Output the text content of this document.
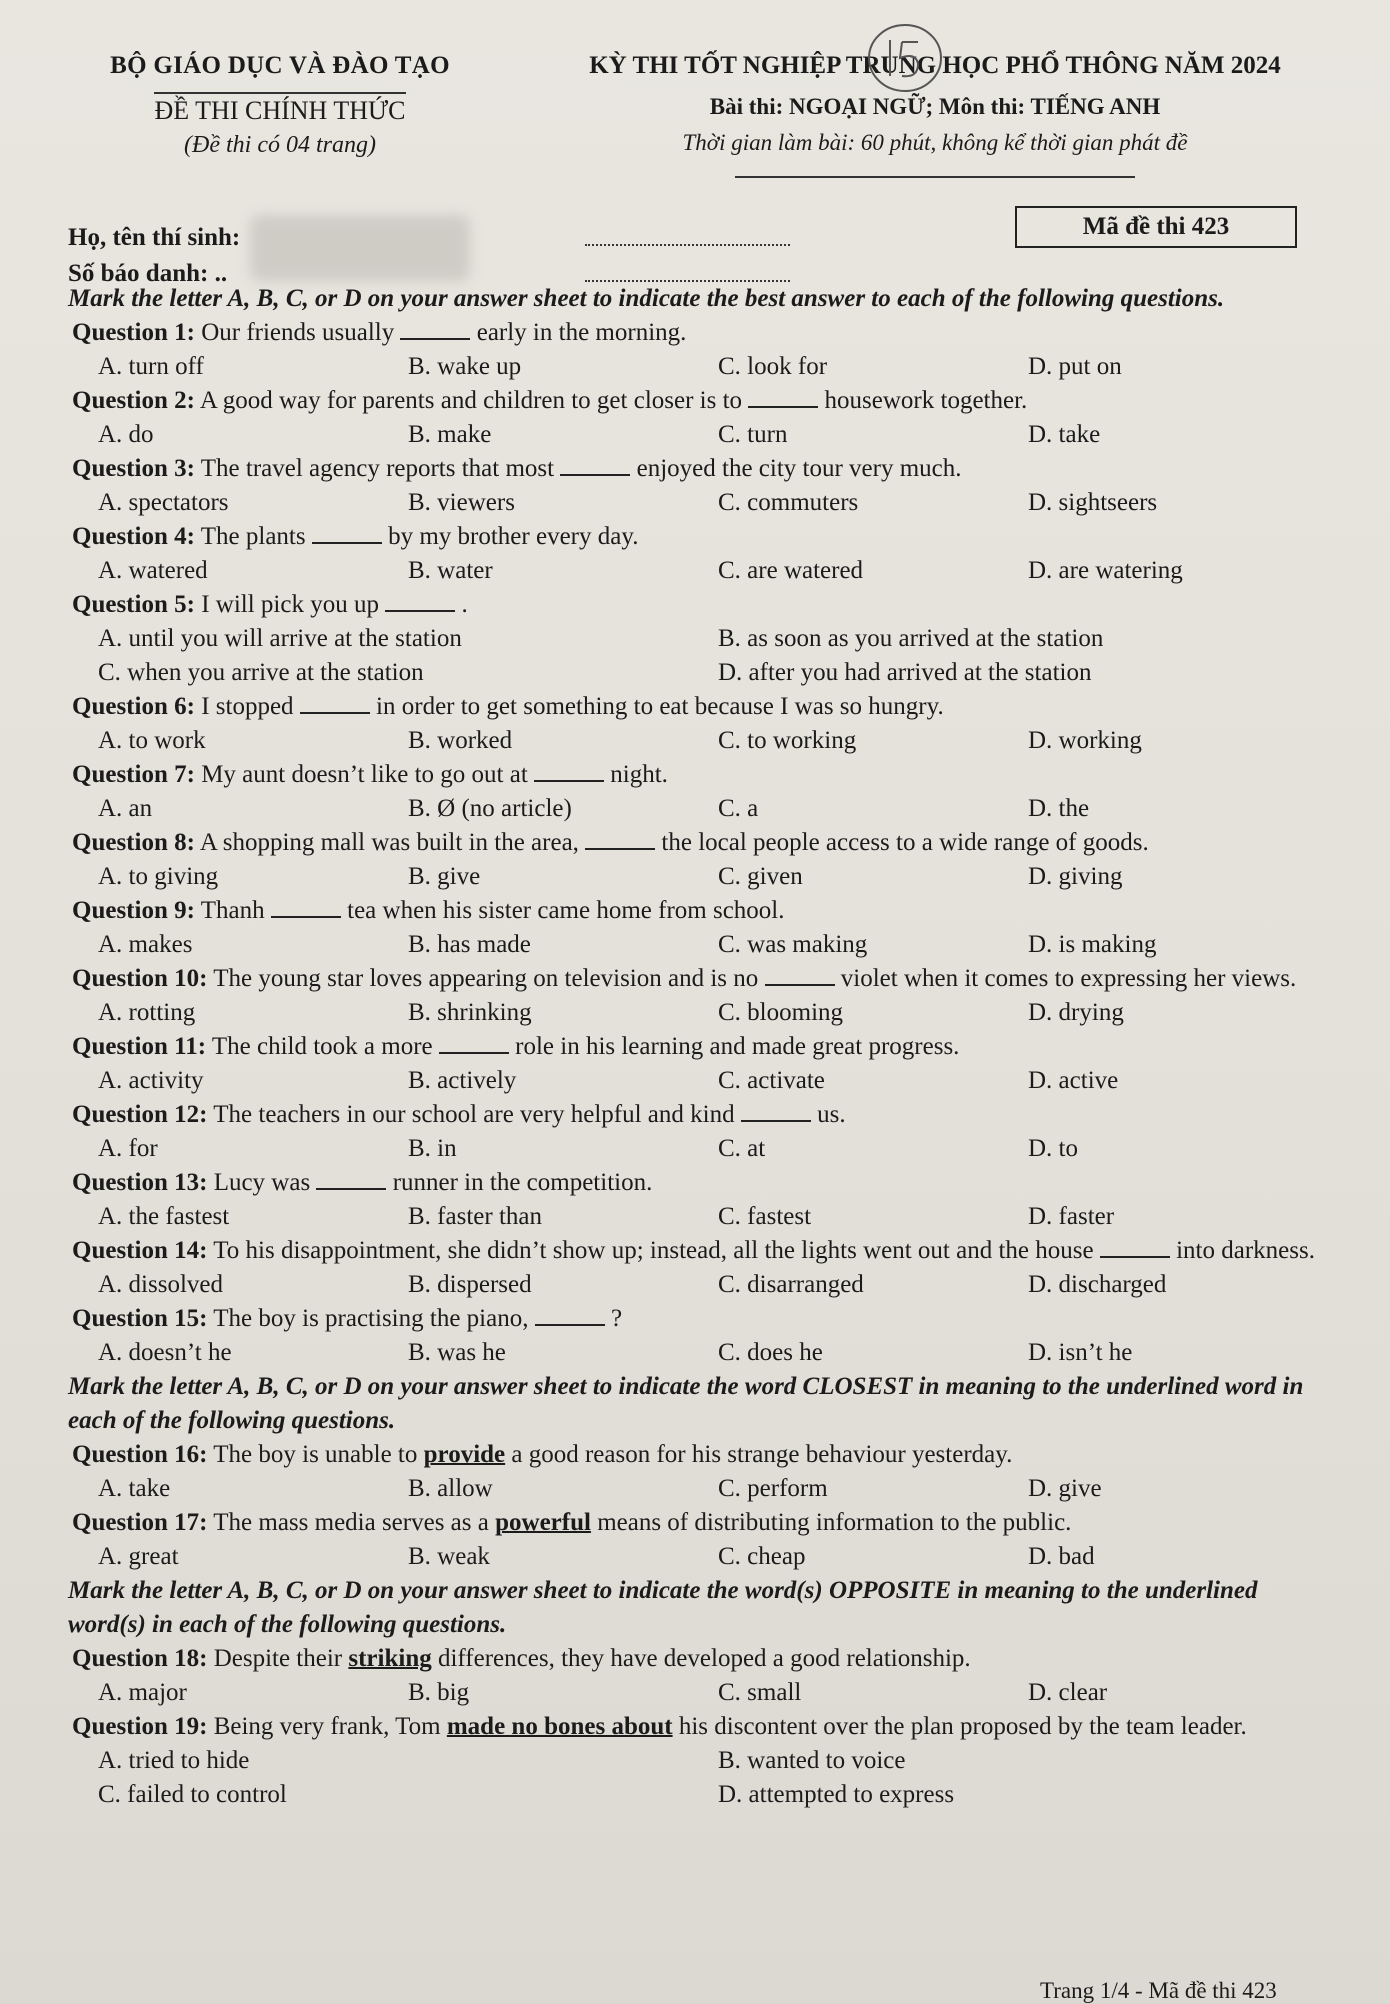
BỘ GIÁO DỤC VÀ ĐÀO TẠO
ĐỀ THI CHÍNH THỨC
(Đề thi có 04 trang)
KỲ THI TỐT NGHIỆP TRUNG HỌC PHỔ THÔNG NĂM 2024
Bài thi: NGOẠI NGỮ; Môn thi: TIẾNG ANH
Thời gian làm bài: 60 phút, không kể thời gian phát đề
Họ, tên thí sinh:
Số báo danh: ..
Mã đề thi 423

Mark the letter A, B, C, or D on your answer sheet to indicate the best answer to each of the following questions.

Question 1: Our friends usually	early in the morning.
A. turn off	B. wake up	C. look for	D. put on
Question 2: A good way for parents and children to get closer is to	housework together.
A. do	B. make	C. turn	D. take
Question 3: The travel agency reports that most	enjoyed the city tour very much.
A. spectators	B. viewers	C. commuters	D. sightseers
Question 4: The plants	by my brother every day.
A. watered	B. water	C. are watered	D. are watering
Question 5: I will pick you up	.
A. until you will arrive at the station	B. as soon as you arrived at the station
C. when you arrive at the station	D. after you had arrived at the station
Question 6: I stopped	in order to get something to eat because I was so hungry.
A. to work	B. worked	C. to working	D. working
Question 7: My aunt doesn’t like to go out at	night.
A. an	B. Ø (no article)	C. a	D. the
Question 8: A shopping mall was built in the area,	the local people access to a wide range of goods.
A. to giving	B. give	C. given	D. giving
Question 9: Thanh	tea when his sister came home from school.
A. makes	B. has made	C. was making	D. is making
Question 10: The young star loves appearing on television and is no	violet when it comes to expressing her views.
A. rotting	B. shrinking	C. blooming	D. drying
Question 11: The child took a more	role in his learning and made great progress.
A. activity	B. actively	C. activate	D. active
Question 12: The teachers in our school are very helpful and kind	us.
A. for	B. in	C. at	D. to
Question 13: Lucy was	runner in the competition.
A. the fastest	B. faster than	C. fastest	D. faster
Question 14: To his disappointment, she didn’t show up; instead, all the lights went out and the house	into darkness.
A. dissolved	B. dispersed	C. disarranged	D. discharged
Question 15: The boy is practising the piano,	?
A. doesn’t he	B. was he	C. does he	D. isn’t he

Mark the letter A, B, C, or D on your answer sheet to indicate the word CLOSEST in meaning to the underlined word in each of the following questions.

Question 16: The boy is unable to provide a good reason for his strange behaviour yesterday.
A. take	B. allow	C. perform	D. give
Question 17: The mass media serves as a powerful means of distributing information to the public.
A. great	B. weak	C. cheap	D. bad

Mark the letter A, B, C, or D on your answer sheet to indicate the word(s) OPPOSITE in meaning to the underlined word(s) in each of the following questions.

Question 18: Despite their striking differences, they have developed a good relationship.
A. major	B. big	C. small	D. clear
Question 19: Being very frank, Tom made no bones about his discontent over the plan proposed by the team leader.
A. tried to hide	B. wanted to voice
C. failed to control	D. attempted to express
Trang 1/4 - Mã đề thi 423
